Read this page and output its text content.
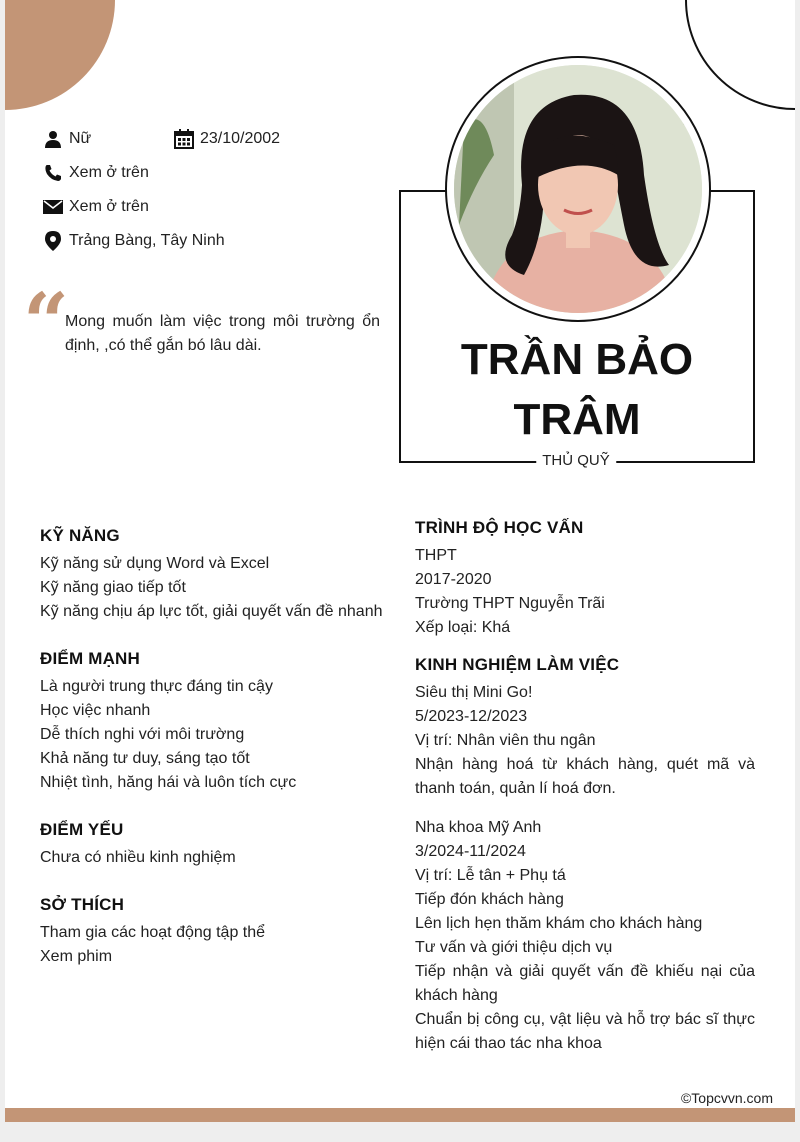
Nữ	23/10/2002
Xem ở trên
Xem ở trên
Trảng Bàng, Tây Ninh
“
Mong muốn làm việc trong môi trường ổn định, ,có thể gắn bó lâu dài.	TRẦN BẢO TRÂM
THỦ QUỸ
KỸ NĂNG
Kỹ năng sử dụng Word và Excel
Kỹ năng giao tiếp tốt
Kỹ năng chịu áp lực tốt, giải quyết vấn đề nhanh
ĐIỂM MẠNH
Là người trung thực đáng tin cậy
Học việc nhanh
Dễ thích nghi với môi trường
Khả năng tư duy, sáng tạo tốt
Nhiệt tình, hăng hái và luôn tích cực
ĐIỂM YẾU
Chưa có nhiều kinh nghiệm
SỞ THÍCH
Tham gia các hoạt động tập thể
Xem phim
TRÌNH ĐỘ HỌC VẤN
THPT
2017-2020
Trường THPT Nguyễn Trãi
Xếp loại: Khá
KINH NGHIỆM LÀM VIỆC
Siêu thị Mini Go!
5/2023-12/2023
Vị trí: Nhân viên thu ngân
Nhận hàng hoá từ khách hàng, quét mã và thanh toán, quản lí hoá đơn.
Nha khoa Mỹ Anh
3/2024-11/2024
Vị trí: Lễ tân + Phụ tá
Tiếp đón khách hàng
Lên lịch hẹn thăm khám cho khách hàng
Tư vấn và giới thiệu dịch vụ
Tiếp nhận và giải quyết vấn đề khiếu nại của khách hàng
Chuẩn bị công cụ, vật liệu và hỗ trợ bác sĩ thực hiện cái thao tác nha khoa
©Topcvvn.com
